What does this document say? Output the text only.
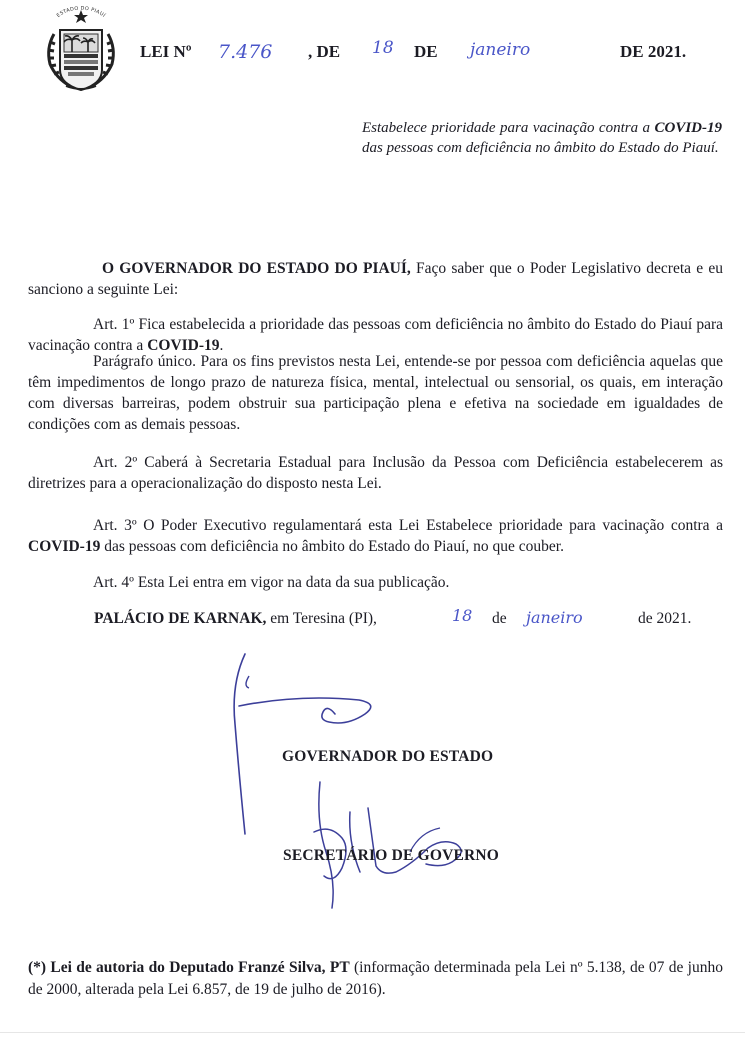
ESTADO DO PIAUÍ
LEI Nº 7.476 , DE 18 DE janeiro	DE 2021.
Estabelece prioridade para vacinação contra a COVID-19 das pessoas com deficiência no âmbito do Estado do Piauí.

O GOVERNADOR DO ESTADO DO PIAUÍ, Faço saber que o Poder Legislativo decreta e eu sanciono a seguinte Lei:

Art. 1º Fica estabelecida a prioridade das pessoas com deficiência no âmbito do Estado do Piauí para vacinação contra a COVID-19.

Parágrafo único. Para os fins previstos nesta Lei, entende-se por pessoa com deficiência aquelas que têm impedimentos de longo prazo de natureza física, mental, intelectual ou sensorial, os quais, em interação com diversas barreiras, podem obstruir sua participação plena e efetiva na sociedade em igualdades de condições com as demais pessoas.

Art. 2º Caberá à Secretaria Estadual para Inclusão da Pessoa com Deficiência estabelecerem as diretrizes para a operacionalização do disposto nesta Lei.

Art. 3º O Poder Executivo regulamentará esta Lei Estabelece prioridade para vacinação contra a COVID-19 das pessoas com deficiência no âmbito do Estado do Piauí, no que couber.

Art. 4º Esta Lei entra em vigor na data da sua publicação.

PALÁCIO DE KARNAK, em Teresina (PI),	18 de janeiro	de 2021.
GOVERNADOR DO ESTADO
SECRETÁRIO DE GOVERNO
(*) Lei de autoria do Deputado Franzé Silva, PT (informação determinada pela Lei nº 5.138, de 07 de junho de 2000, alterada pela Lei 6.857, de 19 de julho de 2016).
